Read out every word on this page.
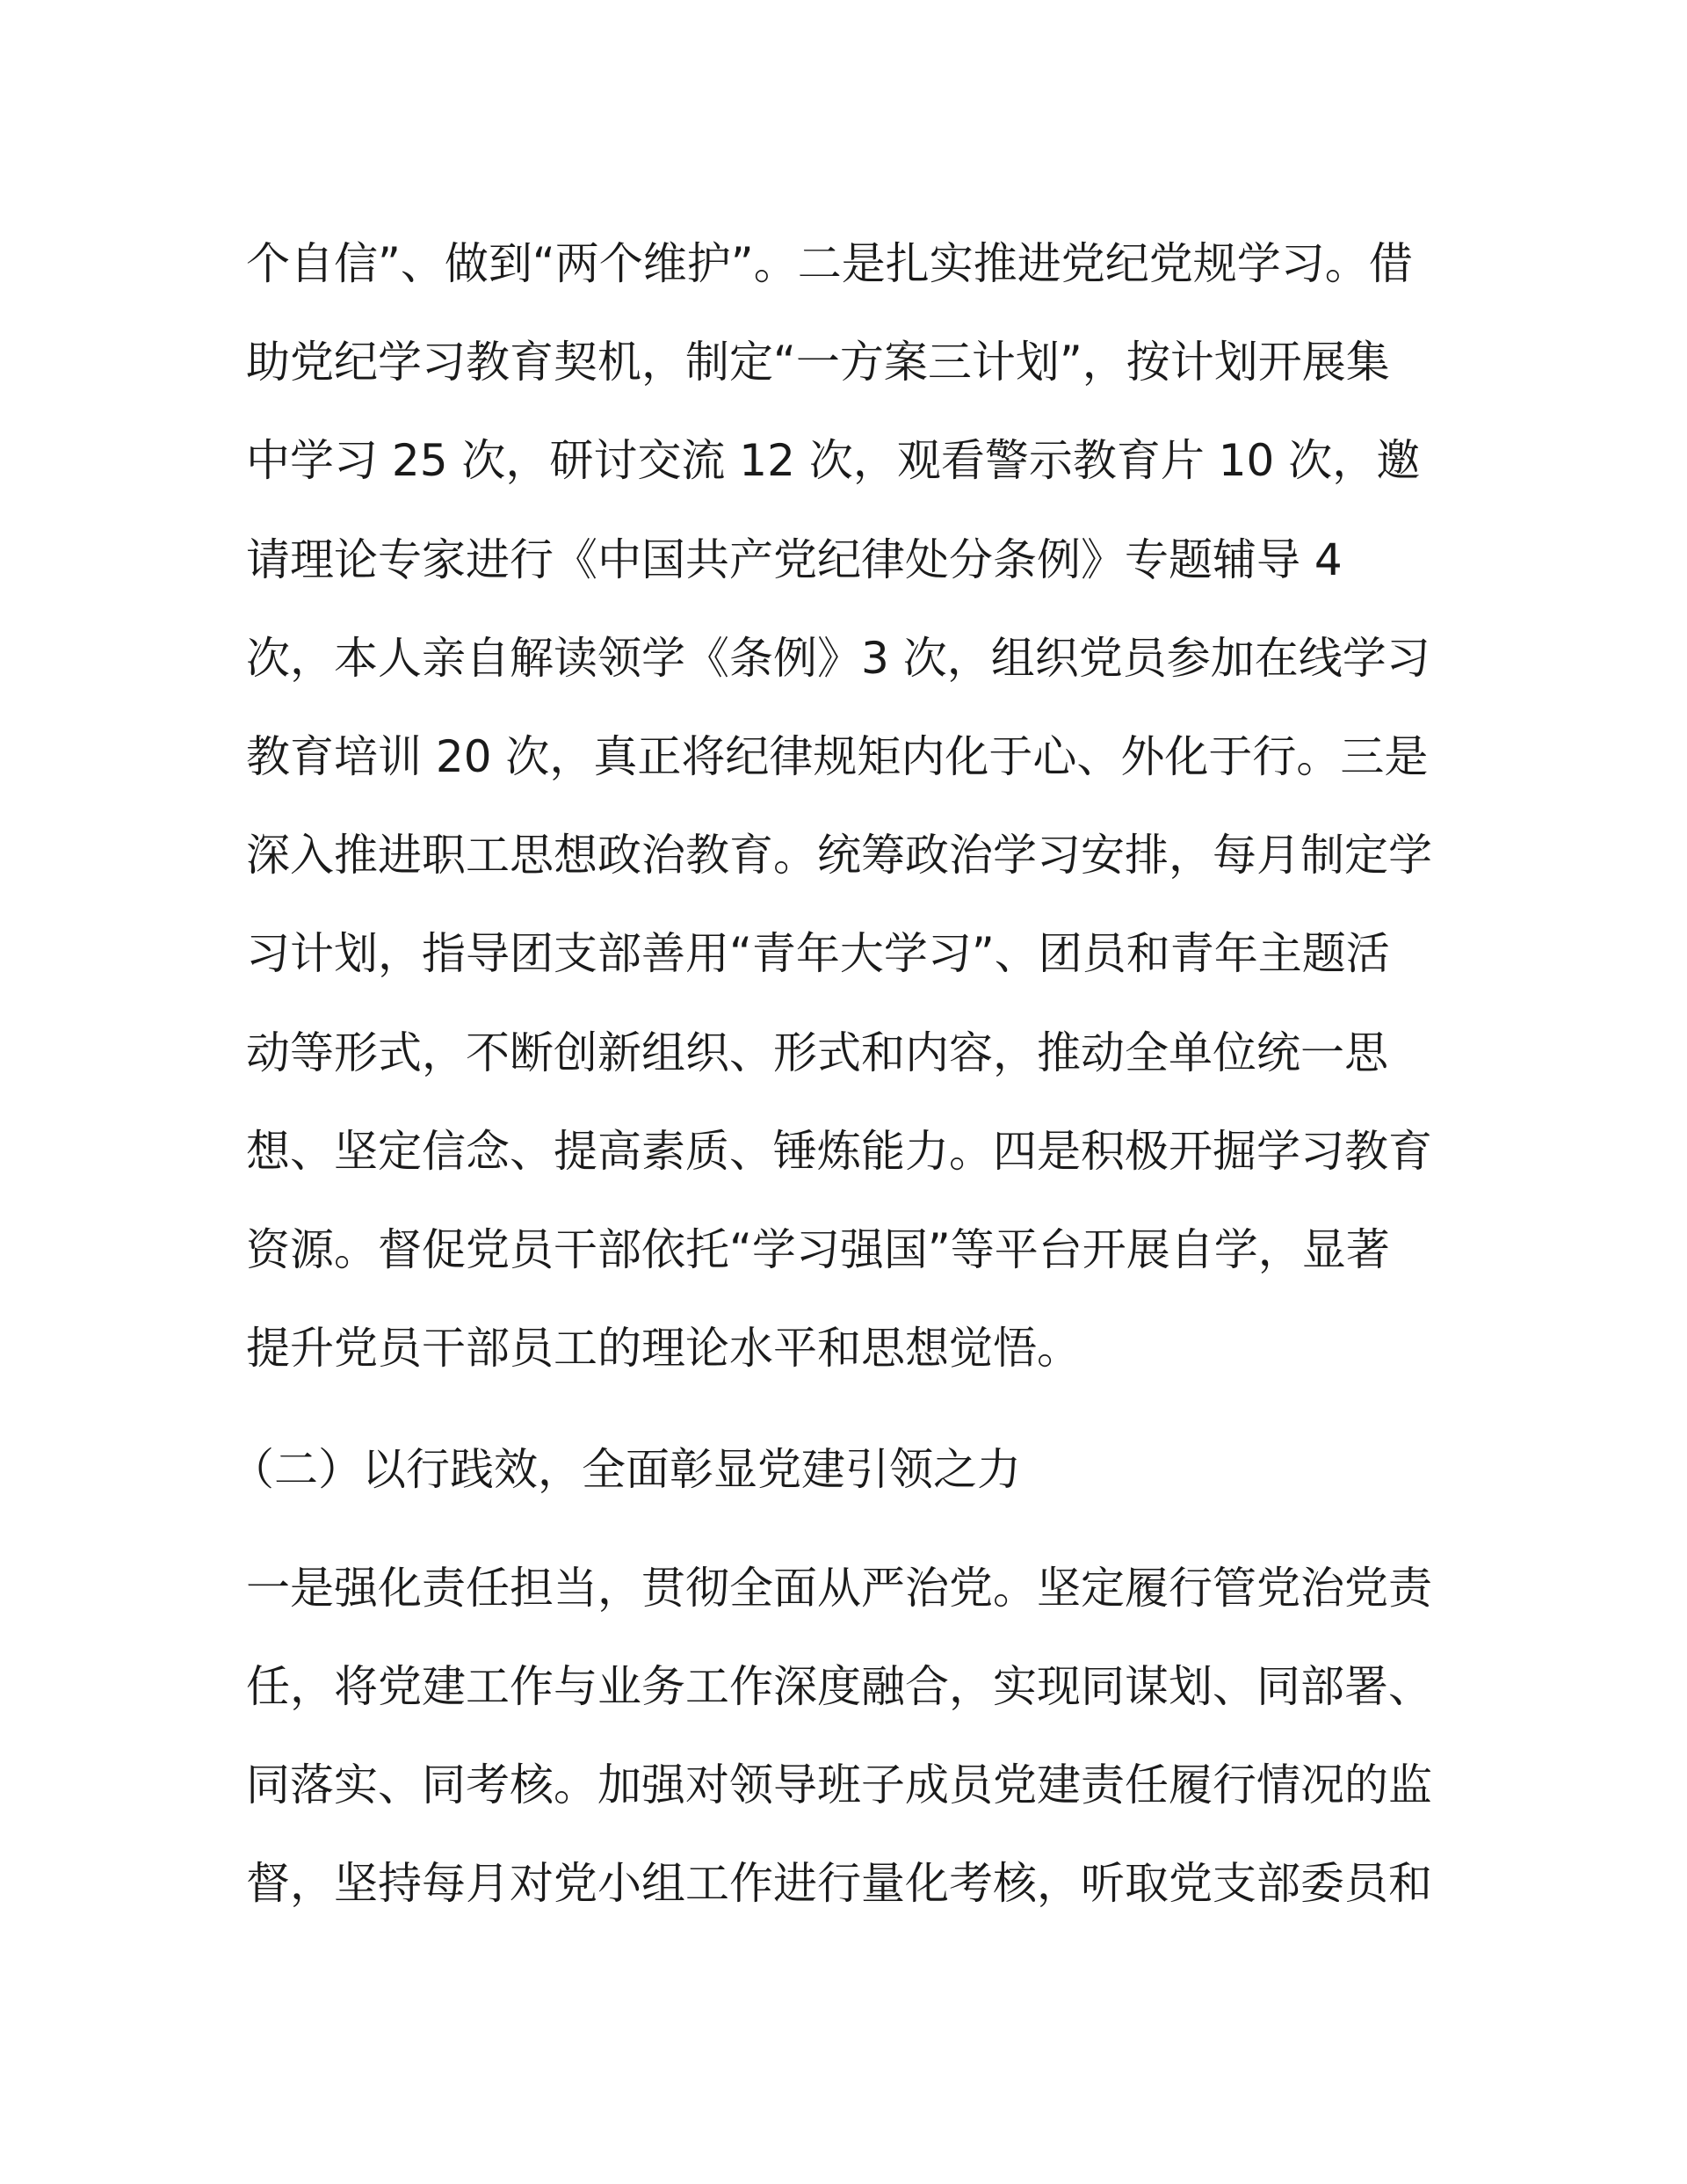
个自信”、做到“两个维护”。二是扎实推进党纪党规学习。借

助党纪学习教育契机，制定“一方案三计划”，按计划开展集

中学习 25 次，研讨交流 12 次，观看警示教育片 10 次，邀

请理论专家进行《中国共产党纪律处分条例》专题辅导 4

次，本人亲自解读领学《条例》3 次，组织党员参加在线学习

教育培训 20 次，真正将纪律规矩内化于心、外化于行。三是

深入推进职工思想政治教育。统筹政治学习安排，每月制定学

习计划，指导团支部善用“青年大学习”、团员和青年主题活

动等形式，不断创新组织、形式和内容，推动全单位统一思

想、坚定信念、提高素质、锤炼能力。四是积极开掘学习教育

资源。督促党员干部依托“学习强国”等平台开展自学，显著

提升党员干部员工的理论水平和思想觉悟。

（二）以行践效，全面彰显党建引领之力

一是强化责任担当，贯彻全面从严治党。坚定履行管党治党责

任，将党建工作与业务工作深度融合，实现同谋划、同部署、

同落实、同考核。加强对领导班子成员党建责任履行情况的监

督，坚持每月对党小组工作进行量化考核，听取党支部委员和
